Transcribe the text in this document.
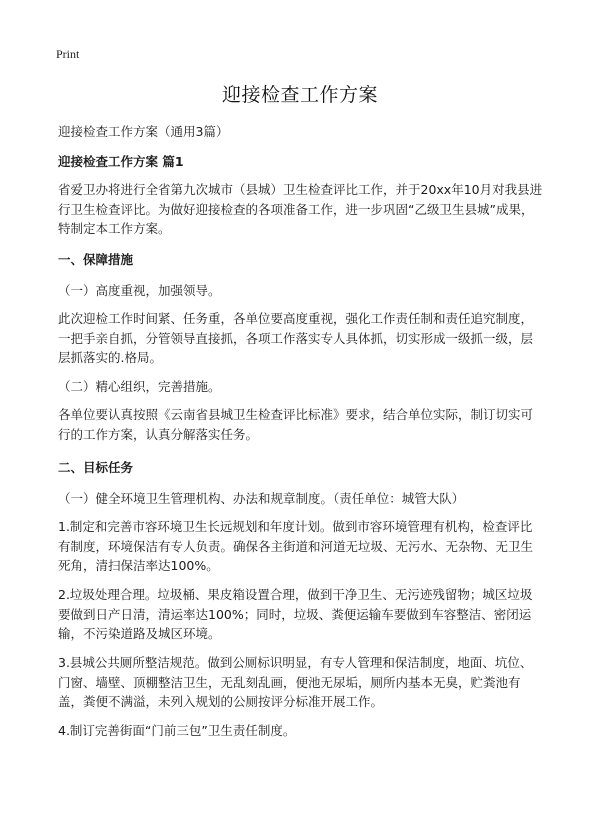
Print
迎接检查工作方案
迎接检查工作方案（通用3篇）
迎接检查工作方案 篇1

省爱卫办将进行全省第九次城市（县城）卫生检查评比工作，并于20xx年10月对我县进行卫生检查评比。为做好迎接检查的各项准备工作，进一步巩固“乙级卫生县城”成果，特制定本工作方案。

一、保障措施

（一）高度重视，加强领导。

此次迎检工作时间紧、任务重，各单位要高度重视，强化工作责任制和责任追究制度，一把手亲自抓，分管领导直接抓，各项工作落实专人具体抓，切实形成一级抓一级，层层抓落实的.格局。

（二）精心组织，完善措施。

各单位要认真按照《云南省县城卫生检查评比标准》要求，结合单位实际，制订切实可行的工作方案，认真分解落实任务。

二、目标任务

（一）健全环境卫生管理机构、办法和规章制度。（责任单位：城管大队）

1.制定和完善市容环境卫生长远规划和年度计划。做到市容环境管理有机构，检查评比有制度，环境保洁有专人负责。确保各主街道和河道无垃圾、无污水、无杂物、无卫生死角，清扫保洁率达100%。

2.垃圾处理合理。垃圾桶、果皮箱设置合理，做到干净卫生、无污迹残留物；城区垃圾要做到日产日清，清运率达100%；同时，垃圾、粪便运输车要做到车容整洁、密闭运输，不污染道路及城区环境。

3.县城公共厕所整洁规范。做到公厕标识明显，有专人管理和保洁制度，地面、坑位、门窗、墙壁、顶棚整洁卫生，无乱刻乱画，便池无尿垢，厕所内基本无臭，贮粪池有盖，粪便不满溢，未列入规划的公厕按评分标准开展工作。

4.制订完善街面“门前三包”卫生责任制度。
